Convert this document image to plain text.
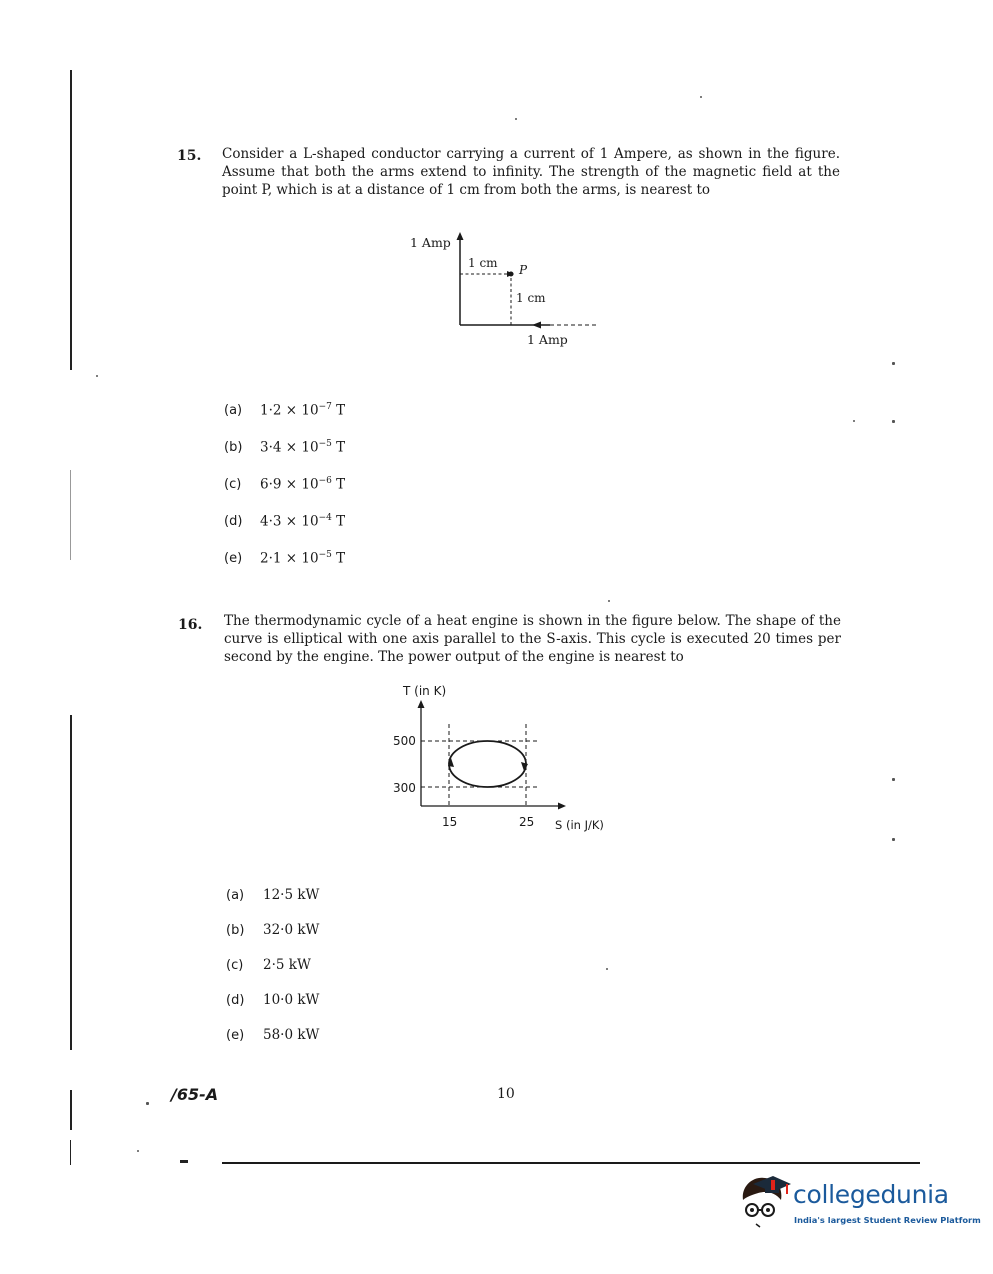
15. Consider a L-shaped conductor carrying a current of 1 Ampere, as shown in the figure. Assume that both the arms extend to infinity. The strength of the magnetic field at the point P, which is at a distance of 1 cm from both the arms, is nearest to
1 Amp
1 cm P
1 cm
1 Amp
(a) $1\cdot 2 \times 10^{-7}$ T
(b) $3\cdot 4 \times 10^{-5}$ T
(c) $6\cdot 9 \times 10^{-6}$ T
(d) $4\cdot 3 \times 10^{-4}$ T
(e) $2\cdot 1 \times 10^{-5}$ T
16. The thermodynamic cycle of a heat engine is shown in the figure below. The shape of the curve is elliptical with one axis parallel to the S-axis. This cycle is executed 20 times per second by the engine. The power output of the engine is nearest to
T (in K)
500
300
15	25 S (in J/K)
(a) 12·5 kW
(b) 32·0 kW
(c) 2·5 kW
(d) 10·0 kW
(e) 58·0 kW
/65-A	10
collegedunia
India's largest Student Review Platform
